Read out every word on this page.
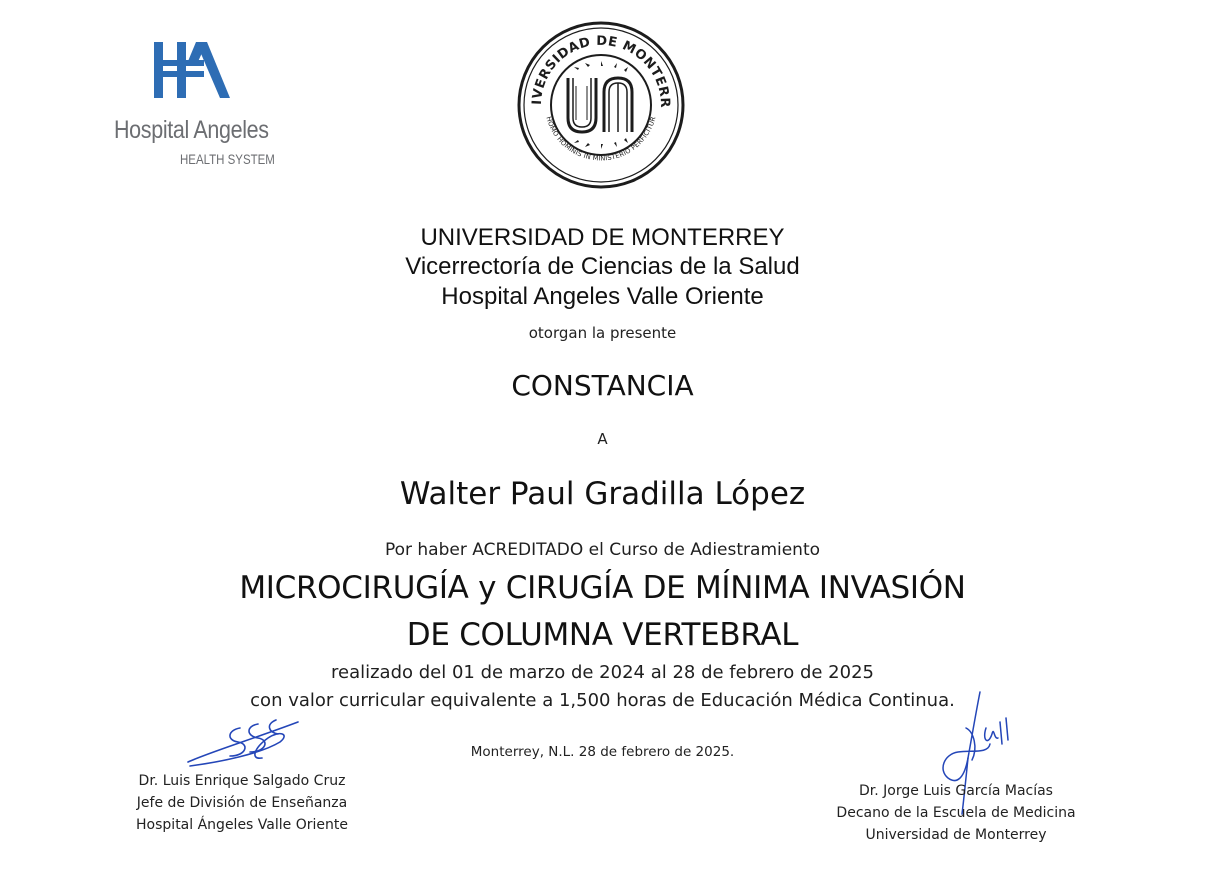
Hospital Angeles
HEALTH SYSTEM
IVERSIDAD DE MONTERR
HOMO HOMINIS IN MINISTERIO PERFICITUR
UNIVERSIDAD DE MONTERREY
Vicerrectoría de Ciencias de la Salud
Hospital Angeles Valle Oriente
otorgan la presente
CONSTANCIA
A
Walter Paul Gradilla López
Por haber ACREDITADO el Curso de Adiestramiento
MICROCIRUGÍA y CIRUGÍA DE MÍNIMA INVASIÓN
DE COLUMNA VERTEBRAL
realizado del 01 de marzo de 2024 al 28 de febrero de 2025
con valor curricular equivalente a 1,500 horas de Educación Médica Continua.
Monterrey, N.L. 28 de febrero de 2025.
Dr. Luis Enrique Salgado Cruz
Jefe de División de Enseñanza
Hospital Ángeles Valle Oriente
Dr. Jorge Luis García Macías
Decano de la Escuela de Medicina
Universidad de Monterrey
